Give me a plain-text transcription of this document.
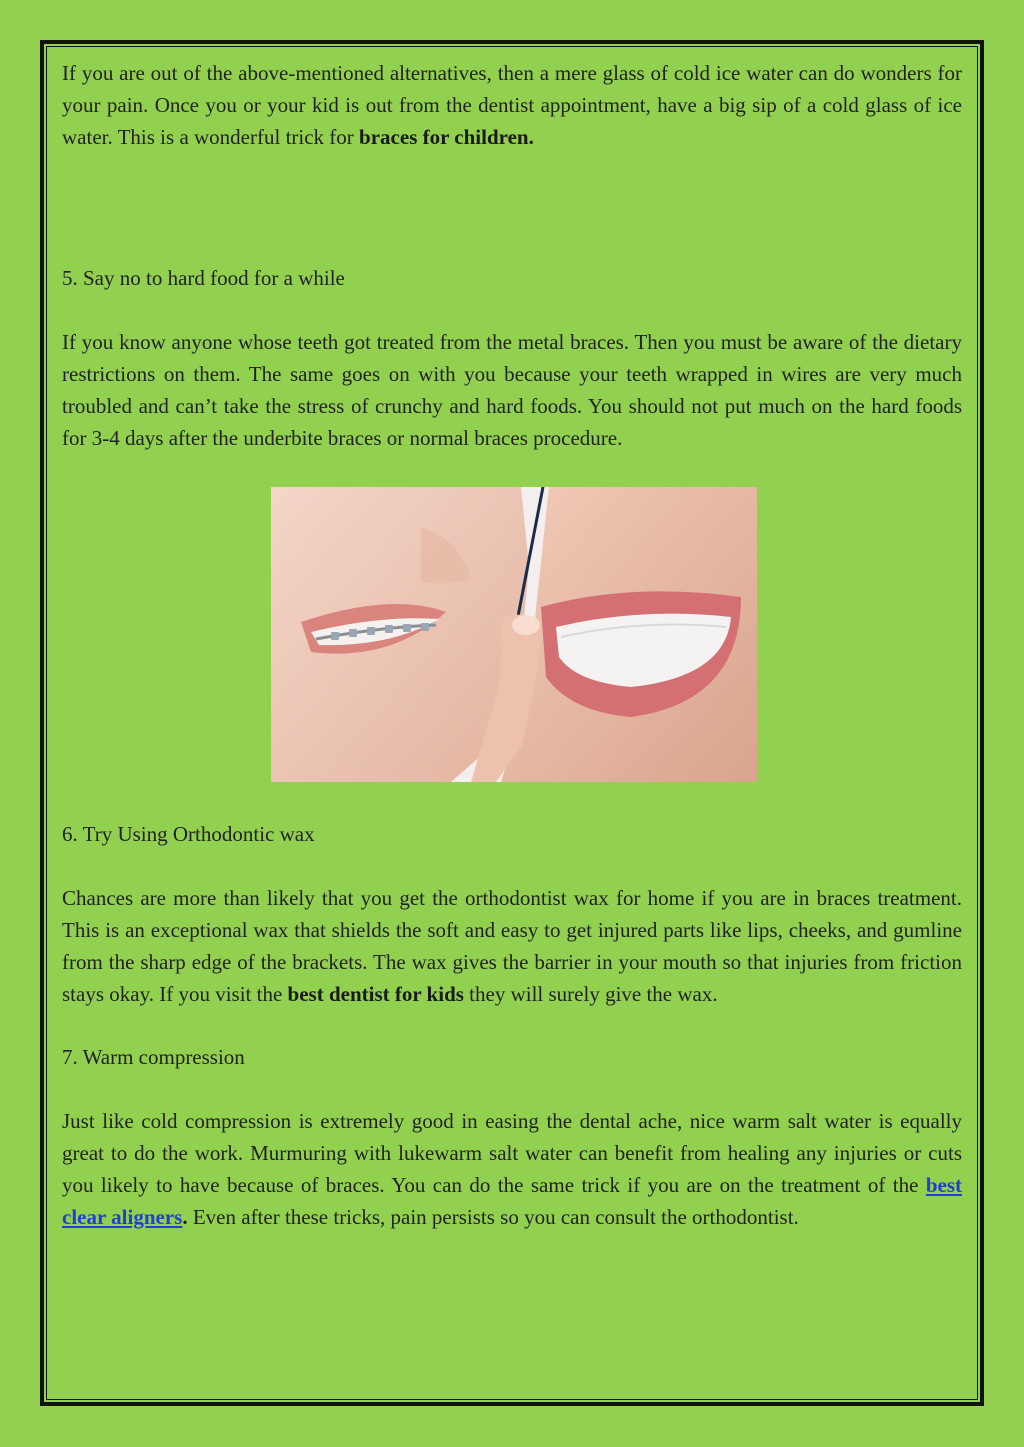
If you are out of the above-mentioned alternatives, then a mere glass of cold ice water can do wonders for your pain. Once you or your kid is out from the dentist appointment, have a big sip of a cold glass of ice water. This is a wonderful trick for braces for children.

5. Say no to hard food for a while

If you know anyone whose teeth got treated from the metal braces. Then you must be aware of the dietary restrictions on them. The same goes on with you because your teeth wrapped in wires are very much troubled and can’t take the stress of crunchy and hard foods. You should not put much on the hard foods for 3-4 days after the underbite braces or normal braces procedure.

6. Try Using Orthodontic wax

Chances are more than likely that you get the orthodontist wax for home if you are in braces treatment. This is an exceptional wax that shields the soft and easy to get injured parts like lips, cheeks, and gumline from the sharp edge of the brackets. The wax gives the barrier in your mouth so that injuries from friction stays okay. If you visit the best dentist for kids they will surely give the wax.

7. Warm compression

Just like cold compression is extremely good in easing the dental ache, nice warm salt water is equally great to do the work. Murmuring with lukewarm salt water can benefit from healing any injuries or cuts you likely to have because of braces. You can do the same trick if you are on the treatment of the best clear aligners. Even after these tricks, pain persists so you can consult the orthodontist.
